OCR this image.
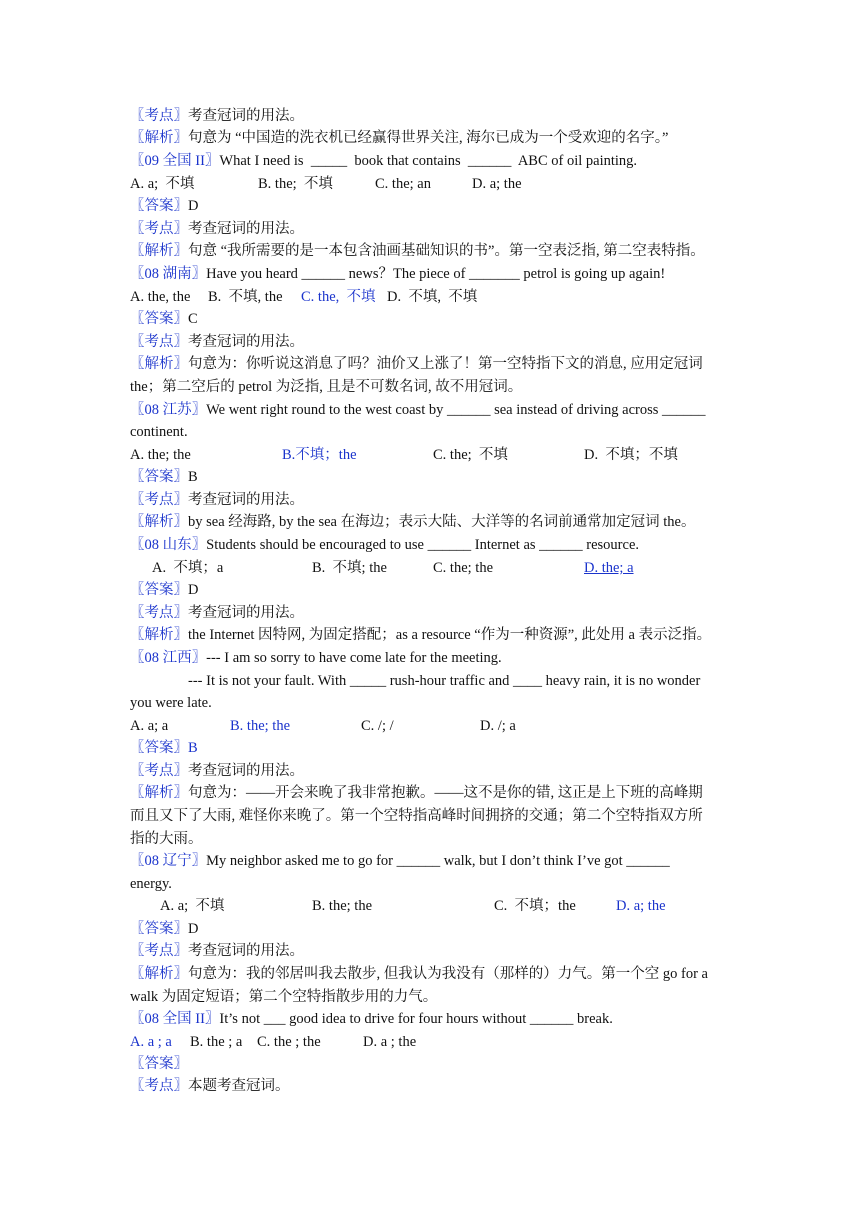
〖考点〗考查冠词的用法。
〖解析〗句意为 “中国造的洗衣机已经赢得世界关注, 海尔已成为一个受欢迎的名字。”
〖09 全国 II〗What I need is  _____  book that contains  ______  ABC of oil painting.

A. a;  不填

	B. the;  不填

	C. the; an

	D. a; the

〖答案〗D
〖考点〗考查冠词的用法。
〖解析〗句意 “我所需要的是一本包含油画基础知识的书”。第一空表泛指, 第二空表特指。
〖08 湖南〗Have you heard ______ news？The piece of _______ petrol is going up again!

A. the, the

B.  不填, the

C. the,  不填

D.  不填,  不填

〖答案〗C
〖考点〗考查冠词的用法。
〖解析〗句意为：你听说这消息了吗？油价又上涨了！第一空特指下文的消息, 应用定冠词
the；第二空后的 petrol 为泛指, 且是不可数名词, 故不用冠词。
〖08 江苏〗We went right round to the west coast by ______ sea instead of driving across ______
continent.

A. the; the

	B.不填；the

	C. the;  不填

	D.  不填；不填

〖答案〗B
〖考点〗考查冠词的用法。
〖解析〗by sea 经海路, by the sea 在海边；表示大陆、大洋等的名词前通常加定冠词 the。
〖08 山东〗Students should be encouraged to use ______ Internet as ______ resource.

A.  不填；a

	B.  不填; the

	C. the; the

	D. the; a

〖答案〗D
〖考点〗考查冠词的用法。
〖解析〗the Internet 因特网, 为固定搭配；as a resource “作为一种资源”, 此处用 a 表示泛指。
〖08 江西〗--- I am so sorry to have come late for the meeting.
--- It is not your fault. With _____ rush-hour traffic and ____ heavy rain, it is no wonder
you were late.

A. a; a

	B. the; the

	C. /; /

	D. /; a

〖答案〗B
〖考点〗考查冠词的用法。
〖解析〗句意为：——开会来晚了我非常抱歉。——这不是你的错, 这正是上下班的高峰期
而且又下了大雨, 难怪你来晚了。第一个空特指高峰时间拥挤的交通；第二个空特指双方所
指的大雨。
〖08 辽宁〗My neighbor asked me to go for ______ walk, but I don’t think I’ve got ______
energy.

A. a;  不填

	B. the; the

	C.  不填；the

	D. a; the

〖答案〗D
〖考点〗考查冠词的用法。
〖解析〗句意为：我的邻居叫我去散步, 但我认为我没有（那样的）力气。第一个空 go for a
walk 为固定短语；第二个空特指散步用的力气。
〖08 全国 II〗It’s not ___ good idea to drive for four hours without ______ break.

A. a ; a

B. the ; a

C. the ; the

	D. a ; the

〖答案〗
〖考点〗本题考查冠词。
